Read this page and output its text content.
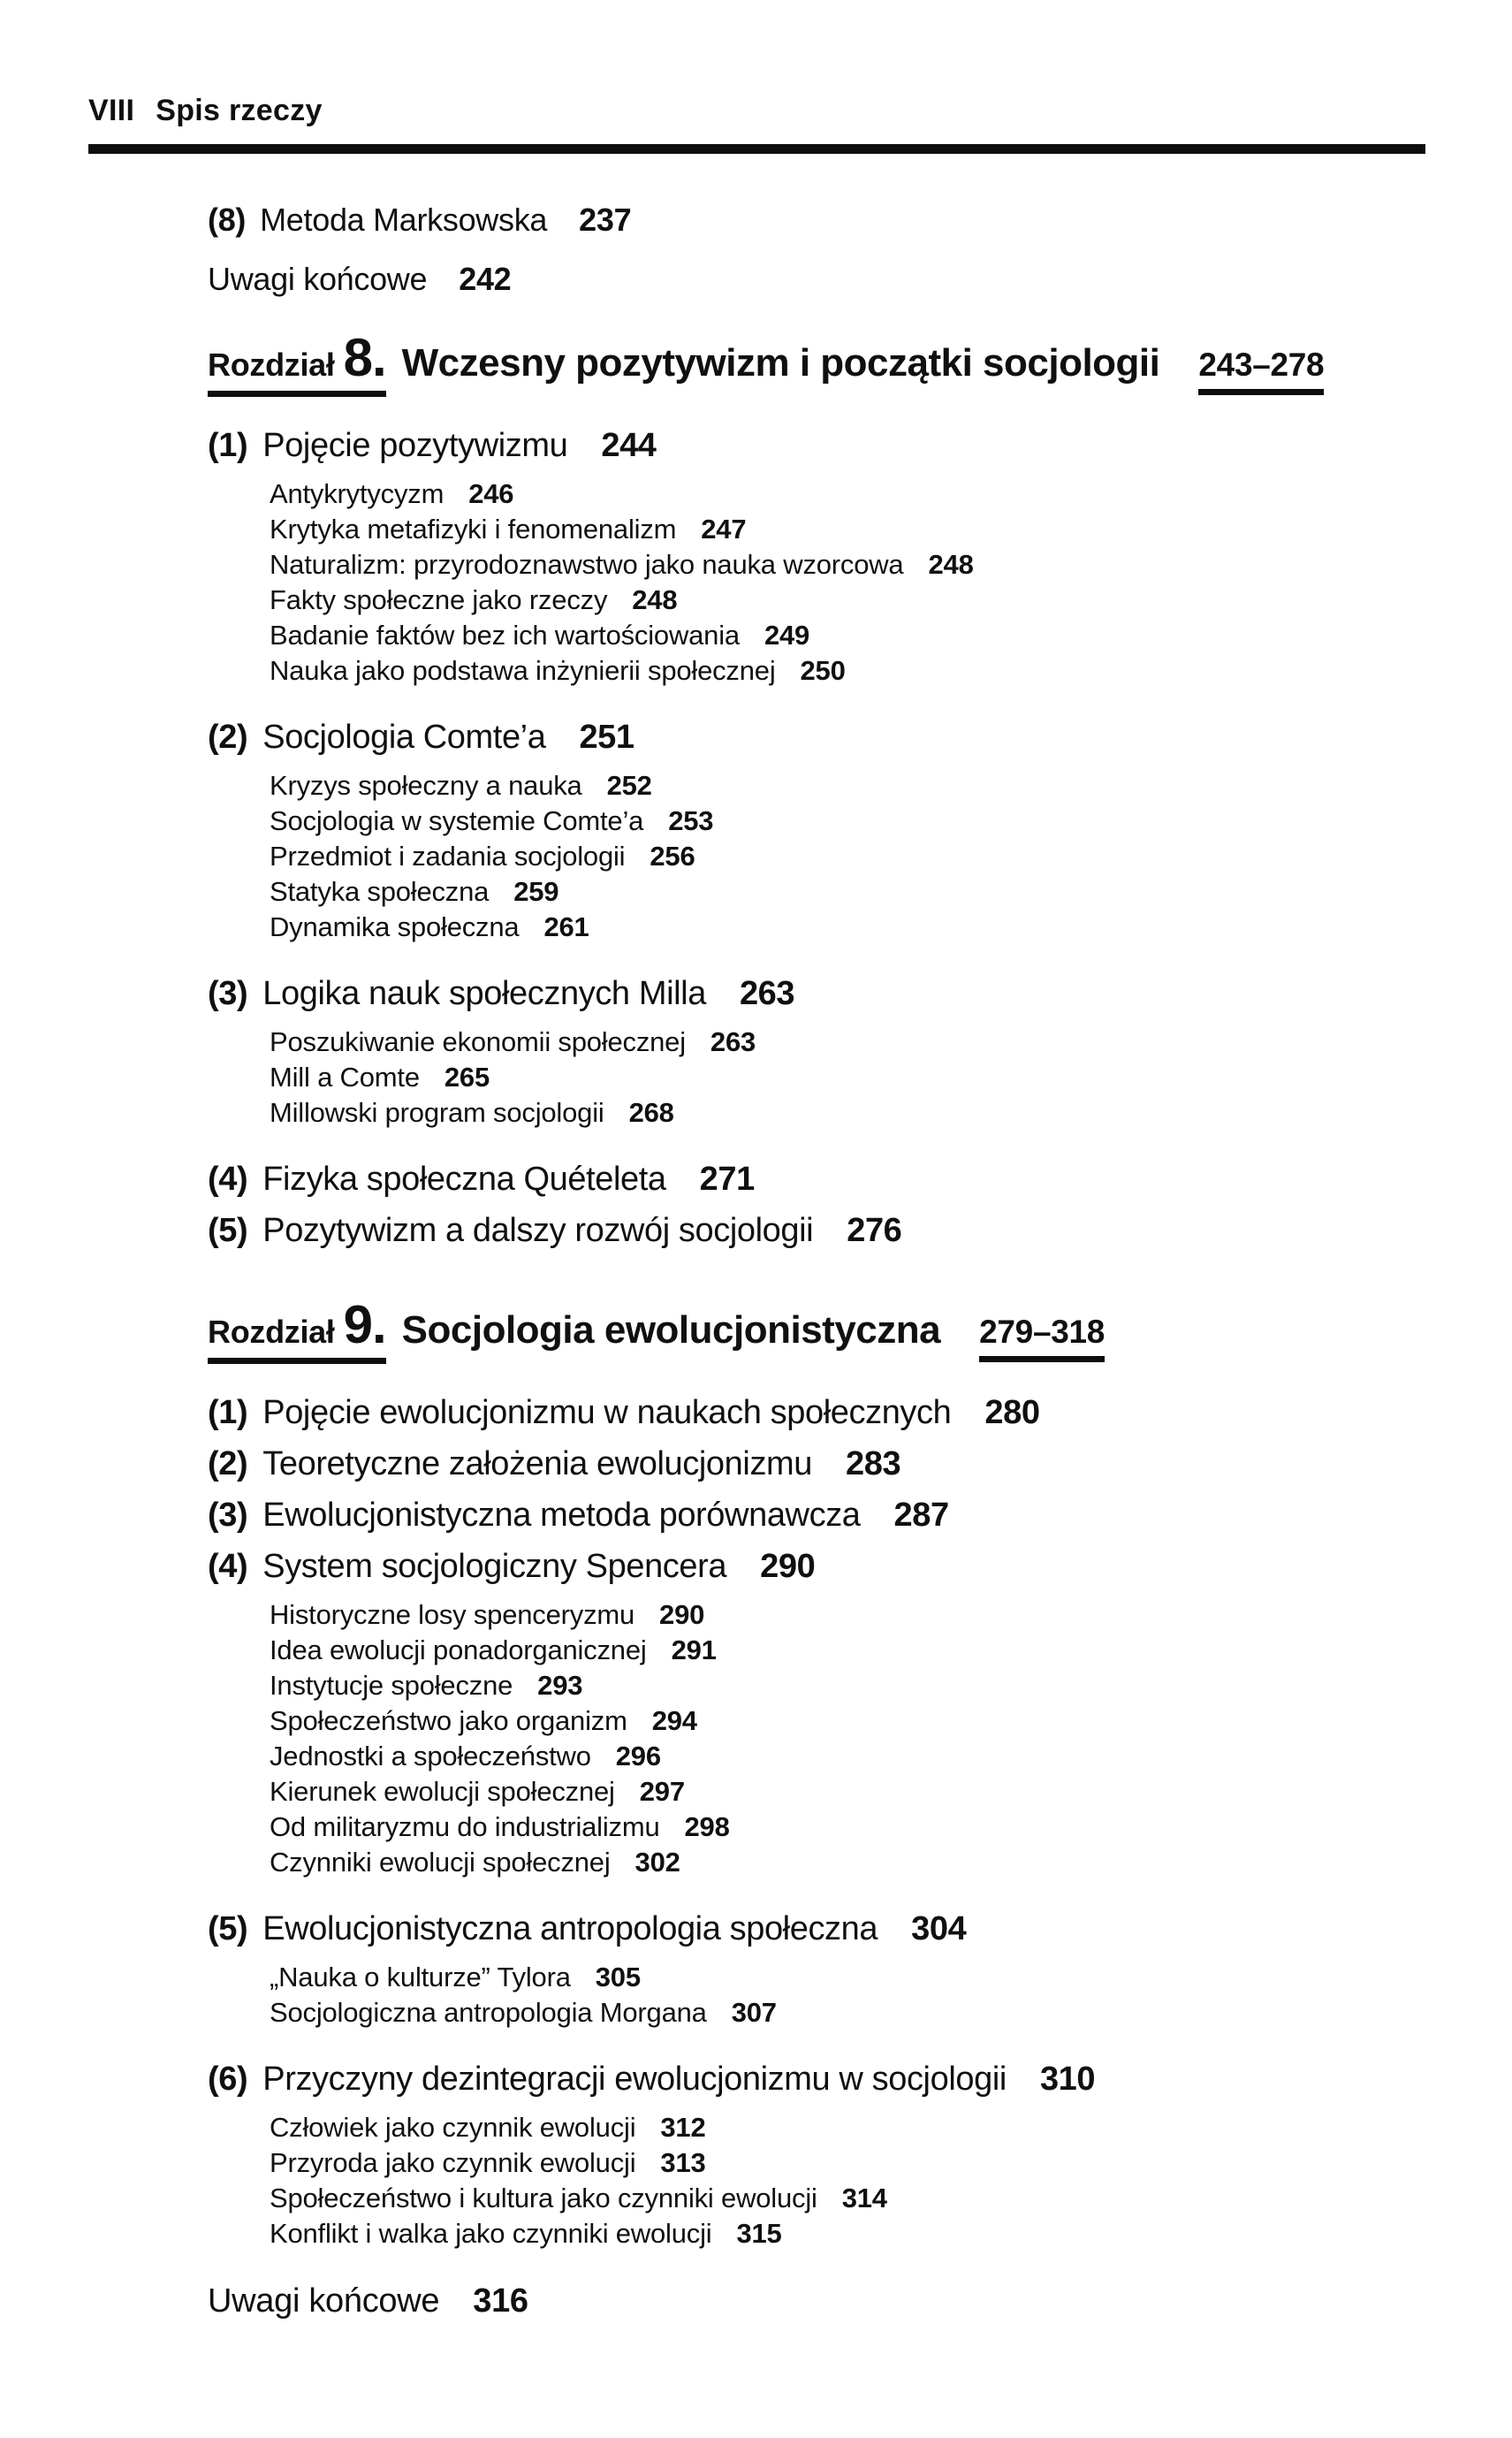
VIII Spis rzeczy
(8) Metoda Marksowska 237
Uwagi końcowe 242
Rozdział 8. Wczesny pozytywizm i początki socjologii 243–278
(1) Pojęcie pozytywizmu 244
Antykrytycyzm 246
Krytyka metafizyki i fenomenalizm 247
Naturalizm: przyrodoznawstwo jako nauka wzorcowa 248
Fakty społeczne jako rzeczy 248
Badanie faktów bez ich wartościowania 249
Nauka jako podstawa inżynierii społecznej 250
(2) Socjologia Comte’a 251
Kryzys społeczny a nauka 252
Socjologia w systemie Comte’a 253
Przedmiot i zadania socjologii 256
Statyka społeczna 259
Dynamika społeczna 261
(3) Logika nauk społecznych Milla 263
Poszukiwanie ekonomii społecznej 263
Mill a Comte 265
Millowski program socjologii 268
(4) Fizyka społeczna Quételeta 271
(5) Pozytywizm a dalszy rozwój socjologii 276
Rozdział 9. Socjologia ewolucjonistyczna 279–318
(1) Pojęcie ewolucjonizmu w naukach społecznych 280
(2) Teoretyczne założenia ewolucjonizmu 283
(3) Ewolucjonistyczna metoda porównawcza 287
(4) System socjologiczny Spencera 290
Historyczne losy spenceryzmu 290
Idea ewolucji ponadorganicznej 291
Instytucje społeczne 293
Społeczeństwo jako organizm 294
Jednostki a społeczeństwo 296
Kierunek ewolucji społecznej 297
Od militaryzmu do industrializmu 298
Czynniki ewolucji społecznej 302
(5) Ewolucjonistyczna antropologia społeczna 304
„Nauka o kulturze” Tylora 305
Socjologiczna antropologia Morgana 307
(6) Przyczyny dezintegracji ewolucjonizmu w socjologii 310
Człowiek jako czynnik ewolucji 312
Przyroda jako czynnik ewolucji 313
Społeczeństwo i kultura jako czynniki ewolucji 314
Konflikt i walka jako czynniki ewolucji 315
Uwagi końcowe 316
